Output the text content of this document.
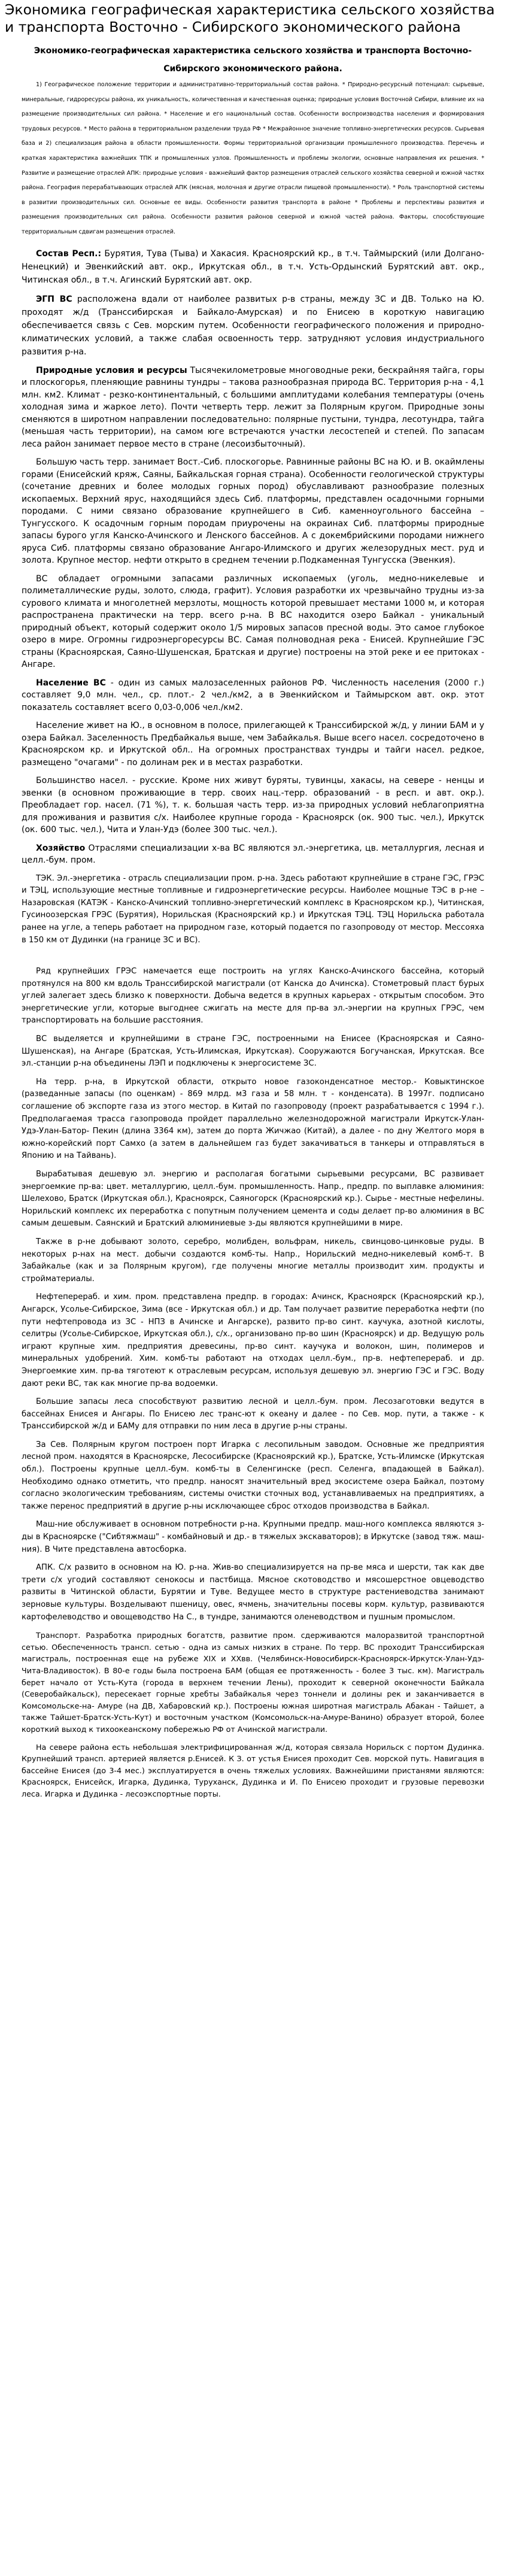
Экономика географическая характеристика сельского хозяйства и транспорта Восточно - Сибирского экономического района
Экономико-географическая характеристика сельского хозяйства и транспорта Восточно-Сибирского экономического района.

1) Географическое положение территории и административно-территориальный состав района. * Природно-ресурсный потенциал: сырьевые, минеральные, гидроресурсы района, их уникальность, количественная и качественная оценка; природные условия Восточной Сибири, влияние их на размещение производительных сил района. * Население и его национальный состав. Особенности воспроизводства населения и формирования трудовых ресурсов. * Место района в территориальном разделении труда РФ * Межрайонное значение топливно-энергетических ресурсов. Сырьевая база и 2) специализация района в области промышленности. Формы территориальной организации промышленного производства. Перечень и краткая характеристика важнейших ТПК и промышленных узлов. Промышленность и проблемы экологии, основные направления их решения. * Развитие и размещение отраслей АПК: природные условия - важнейший фактор размещения отраслей сельского хозяйства северной и южной частях района. География перерабатывающих отраслей АПК (мясная, молочная и другие отрасли пищевой промышленности). * Роль транспортной системы в развитии производительных сил. Основные ее виды. Особенности развития транспорта в районе * Проблемы и перспективы развития и размещения производительных сил района. Особенности развития районов северной и южной частей района. Факторы, способствующие территориальным сдвигам размещения отраслей.

Состав Респ.: Бурятия, Тува (Тыва) и Хакасия. Красноярский кр., в т.ч. Таймырский (или Долгано-Ненецкий) и Эвенкийский авт. окр., Иркутская обл., в т.ч. Усть-Ордынский Бурятский авт. окр., Читинская обл., в т.ч. Агинский Бурятский авт. окр.

ЭГП ВС расположена вдали от наиболее развитых р-в страны, между ЗС и ДВ. Только на Ю. проходят ж/д (Транссибирская и Байкало-Амурская) и по Енисею в короткую навигацию обеспечивается связь с Сев. морским путем. Особенности географического положения и природно-климатических условий, а также слабая освоенность терр. затрудняют условия индустриального развития р-на.

Природные условия и ресурсы Тысячекилометровые многоводные реки, бескрайняя тайга, горы и плоскогорья, пленяющие равнины тундры – такова разнообразная природа ВС. Территория р-на - 4,1 млн. км2. Климат - резко-континентальный, с большими амплитудами колебания температуры (очень холодная зима и жаркое лето). Почти четверть терр. лежит за Полярным кругом. Природные зоны сменяются в широтном направлении последовательно: полярные пустыни, тундра, лесотундра, тайга (меньшая часть территории), на самом юге встречаются участки лесостепей и степей. По запасам леса район занимает первое место в стране (лесоизбыточный).

Большую часть терр. занимает Вост.-Сиб. плоскогорье. Равнинные районы ВС на Ю. и В. окаймлены горами (Енисейский кряж, Саяны, Байкальская горная страна). Особенности геологической структуры (сочетание древних и более молодых горных пород) обуславливают разнообразие полезных ископаемых. Верхний ярус, находящийся здесь Сиб. платформы, представлен осадочными горными породами. С ними связано образование крупнейшего в Сиб. каменноугольного бассейна – Тунгусского. К осадочным горным породам приурочены на окраинах Сиб. платформы природные запасы бурого угля Канско-Ачинского и Ленского бассейнов. А с докембрийскими породами нижнего яруса Сиб. платформы связано образование Ангаро-Илимского и других железорудных мест. руд и золота. Крупное местор. нефти открыто в среднем течении р.Подкаменная Тунгусска (Эвенкия).

ВС обладает огромными запасами различных ископаемых (уголь, медно-никелевые и полиметаллические руды, золото, слюда, графит). Условия разработки их чрезвычайно трудны из-за сурового климата и многолетней мерзлоты, мощность которой превышает местами 1000 м, и которая распространена практически на терр. всего р-на. В ВС находится озеро Байкал - уникальный природный объект, который содержит около 1/5 мировых запасов пресной воды. Это самое глубокое озеро в мире. Огромны гидроэнергоресурсы ВС. Самая полноводная река - Енисей. Крупнейшие ГЭС страны (Красноярская, Саяно-Шушенская, Братская и другие) построены на этой реке и ее притоках - Ангаре.

Население ВС - один из самых малозаселенных районов РФ. Численность населения (2000 г.) составляет 9,0 млн. чел., ср. плот.- 2 чел./км2, а в Эвенкийском и Таймырском авт. окр. этот показатель составляет всего 0,03-0,006 чел./км2.

Население живет на Ю., в основном в полосе, прилегающей к Транссибирской ж/д, у линии БАМ и у озера Байкал. Заселенность Предбайкалья выше, чем Забайкалья. Выше всего насел. сосредоточено в Красноярском кр. и Иркутской обл.. На огромных пространствах тундры и тайги насел. редкое, размещено "очагами" - по долинам рек и в местах разработки.

Большинство насел. - русские. Кроме них живут буряты, тувинцы, хакасы, на севере - ненцы и эвенки (в основном проживающие в терр. своих нац.-терр. образований - в респ. и авт. окр.). Преобладает гор. насел. (71 %), т. к. большая часть терр. из-за природных условий неблагоприятна для проживания и развития с/х. Наиболее крупные города - Красноярск (ок. 900 тыс. чел.), Иркутск (ок. 600 тыс. чел.), Чита и Улан-Удэ (более 300 тыс. чел.).

Хозяйство Отраслями специализации х-ва ВС являются эл.-энергетика, цв. металлургия, лесная и целл.-бум. пром.

ТЭК. Эл.-энергетика - отрасль специализации пром. р-на. Здесь работают крупнейшие в стране ГЭС, ГРЭС и ТЭЦ, использующие местные топливные и гидроэнергетические ресурсы. Наиболее мощные ТЭС в р-не – Назаровская (КАТЭК - Канско-Ачинский топливно-энергетический комплекс в Красноярском кр.), Читинская, Гусиноозерская ГРЭС (Бурятия), Норильская (Красноярский кр.) и Иркутская ТЭЦ. ТЭЦ Норильска работала ранее на угле, а теперь работает на природном газе, который подается по газопроводу от местор. Мессояха в 150 км от Дудинки (на границе ЗС и ВС).

Ряд крупнейших ГРЭС намечается еще построить на углях Канско-Ачинского бассейна, который протянулся на 800 км вдоль Транссибирской магистрали (от Канска до Ачинска). Стометровый пласт бурых углей залегает здесь близко к поверхности. Добыча ведется в крупных карьерах - открытым способом. Это энергетические угли, которые выгоднее сжигать на месте для пр-ва эл.-энергии на крупных ГРЭС, чем транспортировать на большие расстояния.

ВС выделяется и крупнейшими в стране ГЭС, построенными на Енисее (Красноярская и Саяно-Шушенская), на Ангаре (Братская, Усть-Илимская, Иркутская). Сооружаются Богучанская, Иркутская. Все эл.-станции р-на объединены ЛЭП и подключены к энергосистеме ЗС.

На терр. р-на, в Иркутской области, открыто новое газоконденсатное местор.- Ковыктинское (разведанные запасы (по оценкам) - 869 млрд. м3 газа и 58 млн. т - конденсата). В 1997г. подписано соглашение об экспорте газа из этого местор. в Китай по газопроводу (проект разрабатывается с 1994 г.). Предполагаемая трасса газопровода пройдет параллельно железнодорожной магистрали Иркутск-Улан-Удэ-Улан-Батор- Пекин (длина 3364 км), затем до порта Жичжао (Китай), а далее - по дну Желтого моря в южно-корейский порт Самхо (а затем в дальнейшем газ будет закачиваться в танкеры и отправляться в Японию и на Тайвань).

Вырабатывая дешевую эл. энергию и располагая богатыми сырьевыми ресурсами, ВС развивает энергоемкие пр-ва: цвет. металлургию, целл.-бум. промышленность. Напр., предпр. по выплавке алюминия: Шелехово, Братск (Иркутская обл.), Красноярск, Саяногорск (Красноярский кр.). Сырье - местные нефелины. Норильский комплекс их переработка с попутным получением цемента и соды делает пр-во алюминия в ВС самым дешевым. Саянский и Братский алюминиевые з-ды являются крупнейшими в мире.

Также в р-не добывают золото, серебро, молибден, вольфрам, никель, свинцово-цинковые руды. В некоторых р-нах на мест. добычи создаются комб-ты. Напр., Норильский медно-никелевый комб-т. В Забайкалье (как и за Полярным кругом), где получены многие металлы производит хим. продукты и стройматериалы.

Нефтеперераб. и хим. пром. представлена предпр. в городах: Ачинск, Красноярск (Красноярский кр.), Ангарск, Усолье-Сибирское, Зима (все - Иркутская обл.) и др. Там получает развитие переработка нефти (по пути нефтепровода из ЗС - НПЗ в Ачинске и Ангарске), развито пр-во синт. каучука, азотной кислоты, селитры (Усолье-Сибирское, Иркутская обл.), с/х., организовано пр-во шин (Красноярск) и др. Ведущую роль играют крупные хим. предприятия древесины, пр-во синт. каучука и волокон, шин, полимеров и минеральных удобрений. Хим. комб-ты работают на отходах целл.-бум., пр-в. нефтеперераб. и др. Энергоемкие хим. пр-ва тяготеют к отраслевым ресурсам, используя дешевую эл. энергию ГЭС и ГЭС. Воду дают реки ВС, так как многие пр-ва водоемки.

Большие запасы леса способствуют развитию лесной и целл.-бум. пром. Лесозаготовки ведутся в бассейнах Енисея и Ангары. По Енисею лес транс-ют к океану и далее - по Сев. мор. пути, а также - к Транссибирской ж/д и БАМу для отправки по ним леса в другие р-ны страны.

За Сев. Полярным кругом построен порт Игарка с лесопильным заводом. Основные же предприятия лесной пром. находятся в Красноярске, Лесосибирске (Красноярский кр.), Братске, Усть-Илимске (Иркутская обл.). Построены крупные целл.-бум. комб-ты в Селенгинске (респ. Селенга, впадающей в Байкал). Необходимо однако отметить, что предпр. наносят значительный вред экосистеме озера Байкал, поэтому согласно экологическим требованиям, системы очистки сточных вод, устанавливаемых на предприятиях, а также перенос предприятий в другие р-ны исключающее сброс отходов производства в Байкал.

Маш-ние обслуживает в основном потребности р-на. Крупными предпр. маш-ного комплекса являются з-ды в Красноярске ("Сибтяжмаш" - комбайновый и др.- в тяжелых экскаваторов); в Иркутске (завод тяж. маш-ния). В Чите представлена автосборка.

АПК. С/х развито в основном на Ю. р-на. Жив-во специализируется на пр-ве мяса и шерсти, так как две трети с/х угодий составляют сенокосы и пастбища. Мясное скотоводство и мясошерстное овцеводство развиты в Читинской области, Бурятии и Туве. Ведущее место в структуре растениеводства занимают зерновые культуры. Возделывают пшеницу, овес, ячмень, значительны посевы корм. культур, развиваются картофелеводство и овощеводство На С., в тундре, занимаются оленеводством и пушным промыслом.

Транспорт. Разработка природных богатств, развитие пром. сдерживаются малоразвитой транспортной сетью. Обеспеченность трансп. сетью - одна из самых низких в стране. По терр. ВС проходит Транссибирская магистраль, построенная еще на рубеже XIX и XXвв. (Челябинск-Новосибирск-Красноярск-Иркутск-Улан-Удэ-Чита-Владивосток). В 80-е годы была построена БАМ (общая ее протяженность - более 3 тыс. км). Магистраль берет начало от Усть-Кута (города в верхнем течении Лены), проходит к северной оконечности Байкала (Северобайкальск), пересекает горные хребты Забайкалья через тоннели и долины рек и заканчивается в Комсомольске-на- Амуре (на ДВ, Хабаровский кр.). Построены южная широтная магистраль Абакан - Тайшет, а также Тайшет-Братск-Усть-Кут) и восточным участком (Комсомольск-на-Амуре-Ванино) образует второй, более короткий выход к тихоокеанскому побережью РФ от Ачинской магистрали.

На севере района есть небольшая электрифицированная ж/д, которая связала Норильск с портом Дудинка. Крупнейший трансп. артерией является р.Енисей. К З. от устья Енисея проходит Сев. морской путь. Навигация в бассейне Енисея (до 3-4 мес.) эксплуатируется в очень тяжелых условиях. Важнейшими пристанями являются: Красноярск, Енисейск, Игарка, Дудинка, Туруханск, Дудинка и И. По Енисею проходит и грузовые перевозки леса. Игарка и Дудинка - лесоэкспортные порты.
